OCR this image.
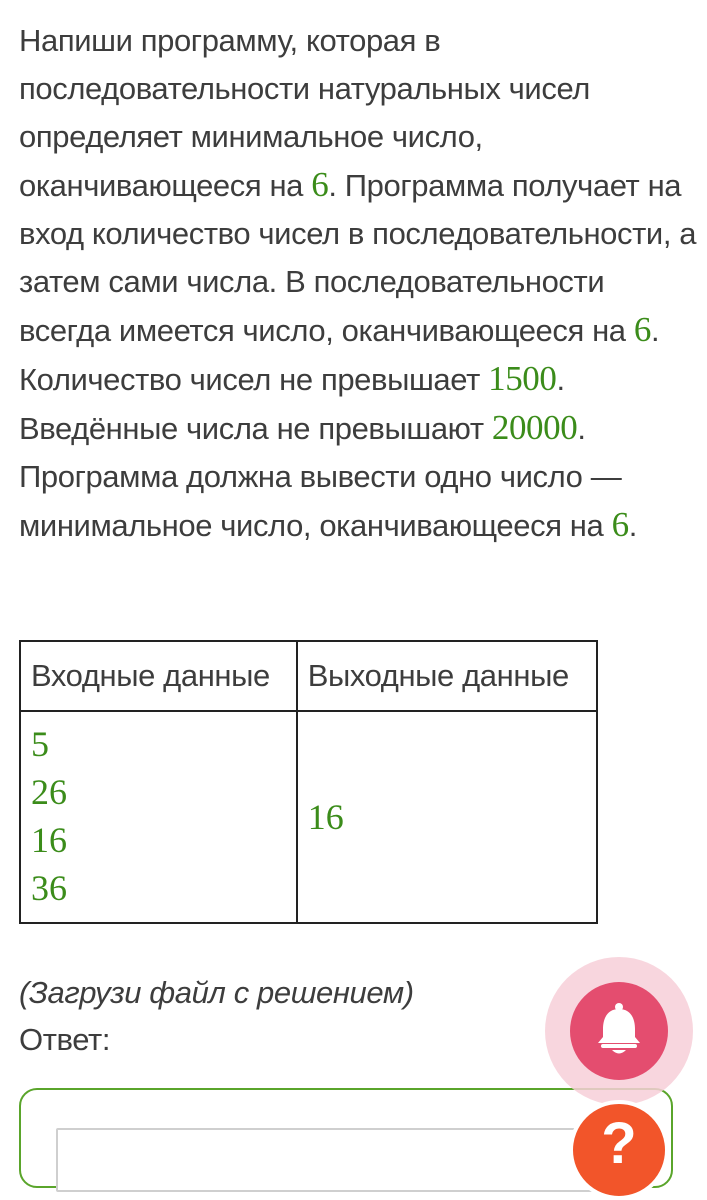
Напиши программу, которая в последовательности натуральных чисел определяет минимальное число, оканчивающееся на 6. Программа получает на вход количество чисел в последовательности, а затем сами числа. В последовательности всегда имеется число, оканчивающееся на 6.

Количество чисел не превышает 1500.

Введённые числа не превышают 20000.

Программа должна вывести одно число — минимальное число, оканчивающееся на 6.

Входные данные	Выходные данные

5
26
16
36	16
(Загрузи файл с решением)
Ответ:
?
